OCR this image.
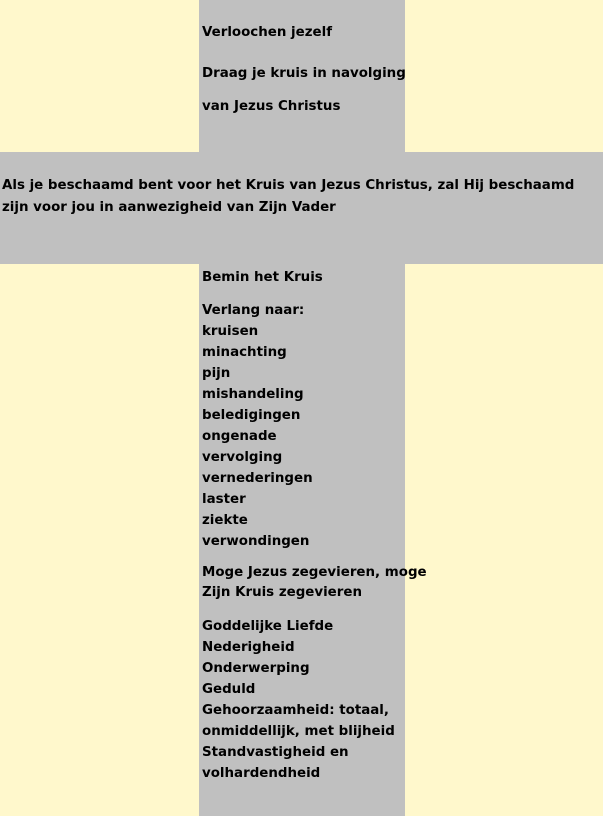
Verloochen jezelf
Draag je kruis in navolging
van Jezus Christus
Als je beschaamd bent voor het Kruis van Jezus Christus, zal Hij beschaamd zijn voor jou in aanwezigheid van Zijn Vader
Bemin het Kruis
Verlang naar:
kruisen
minachting
pijn
mishandeling
beledigingen
ongenade
vervolging
vernederingen
laster
ziekte
verwondingen
Moge Jezus zegevieren, moge
Zijn Kruis zegevieren
Goddelijke Liefde
Nederigheid
Onderwerping
Geduld
Gehoorzaamheid: totaal,
onmiddellijk, met blijheid
Standvastigheid en
volhardendheid
